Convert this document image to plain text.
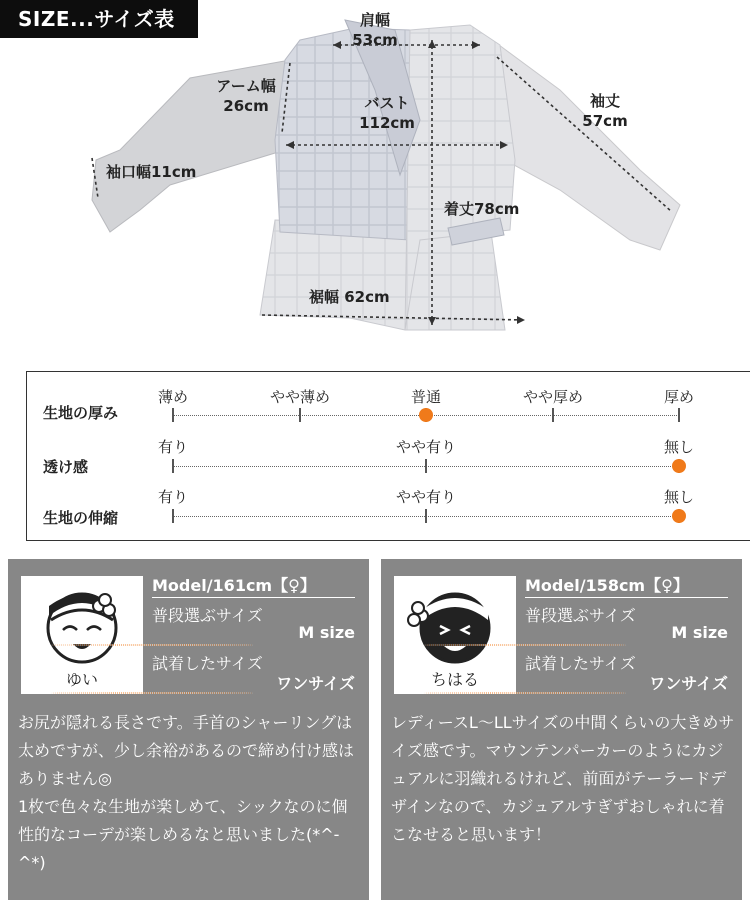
SIZE...サイズ表	肩幅
53cm
アーム幅
26cm	バスト
112cm
袖丈
57cm
袖口幅11cm
着丈78cm
裾幅 62cm
生地の厚み
薄め	やや薄め	普通	やや厚め	厚め
透け感
有り	やや有り	無し
生地の伸縮
有り	やや有り	無し
ゆい
Model/161cm【♀】
普段選ぶサイズ
M size
試着したサイズ
ワンサイズ
お尻が隠れる長さです。手首のシャーリングは太めですが、少し余裕があるので締め付け感はありません◎
1枚で色々な生地が楽しめて、シックなのに個性的なコーデが楽しめるなと思いました(*^-^*)
ちはる
Model/158cm【♀】
普段選ぶサイズ
M size
試着したサイズ
ワンサイズ
レディースL〜LLサイズの中間くらいの大きめサイズ感です。マウンテンパーカーのようにカジュアルに羽織れるけれど、前面がテーラードデザインなので、カジュアルすぎずおしゃれに着こなせると思います！
